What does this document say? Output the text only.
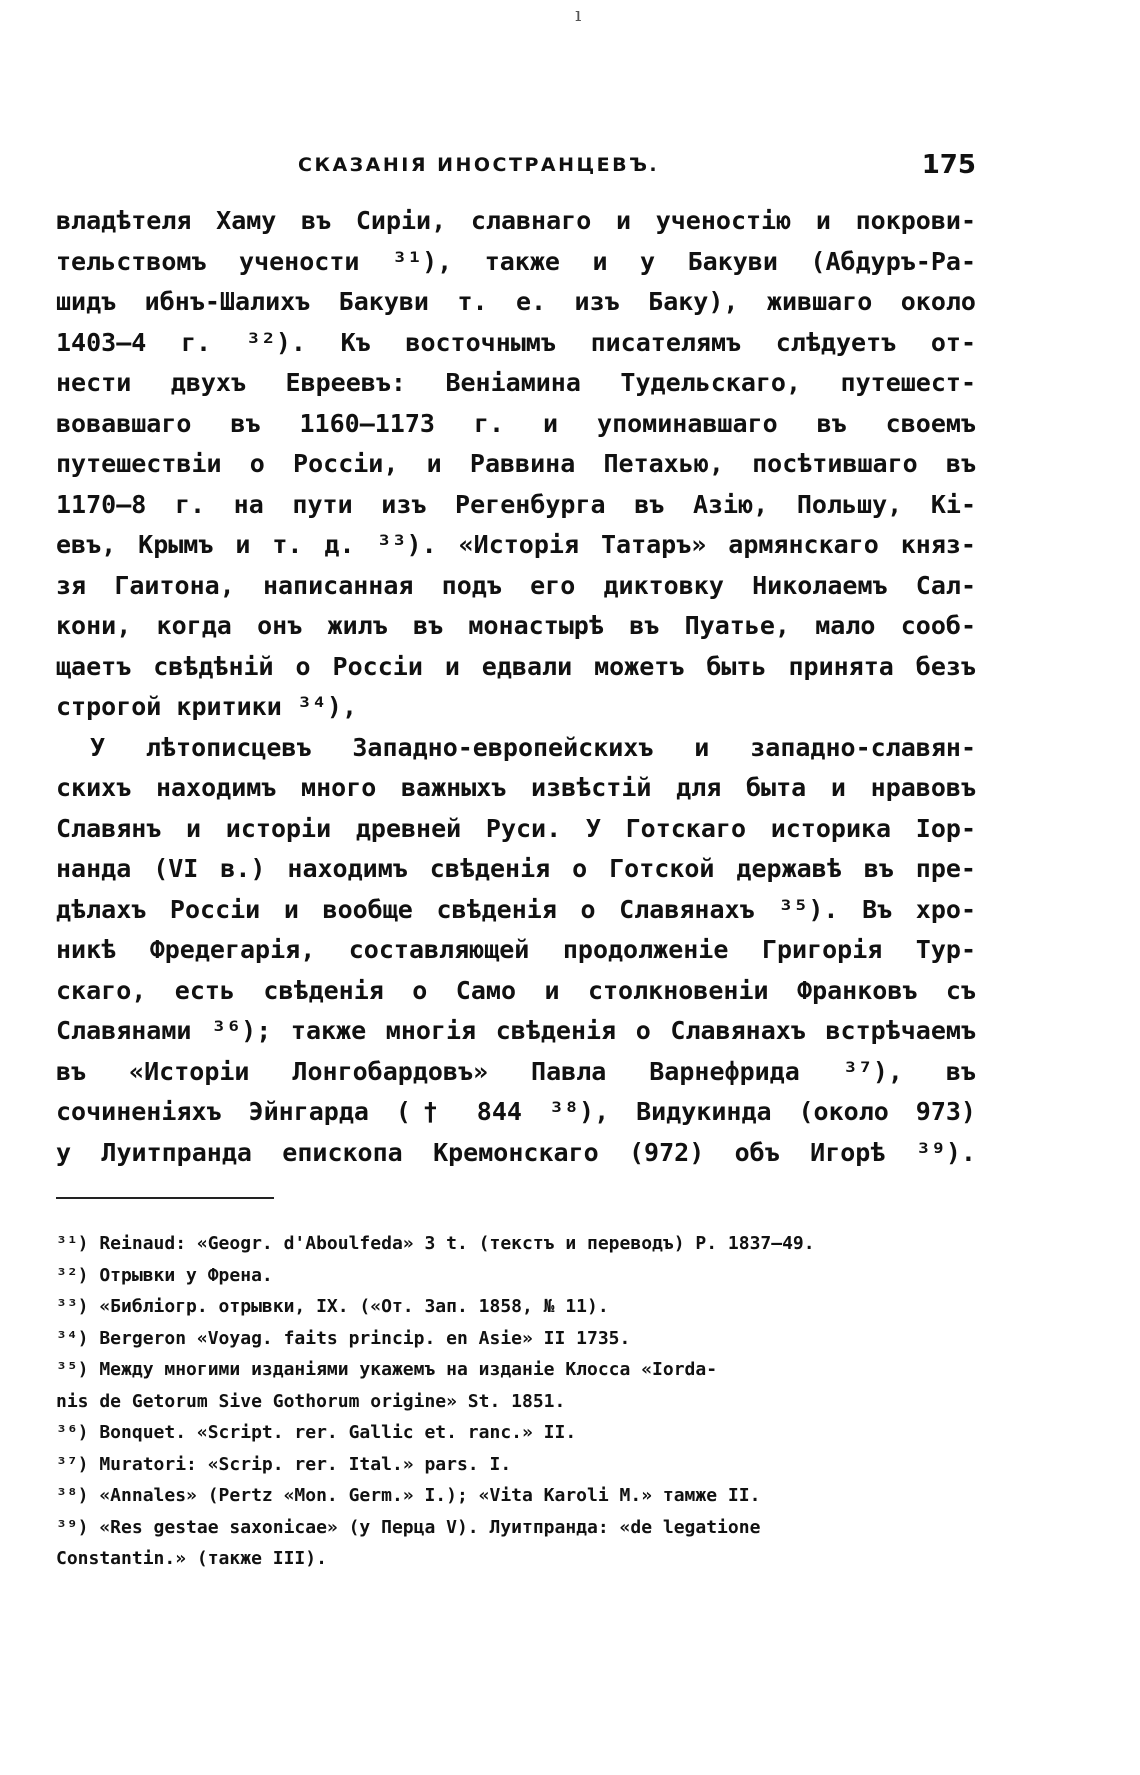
ı
СКАЗАНІЯ ИНОСТРАНЦЕВЪ.	175
владѣтеля Хаму въ Сиріи, славнаго и ученостію и покрови-
тельствомъ учености ³¹), также и у Бакуви (Абдуръ-Ра-
шидъ ибнъ-Шалихъ Бакуви т. е. изъ Баку), жившаго около
1403—4 г. ³²). Къ восточнымъ писателямъ слѣдуетъ от-
нести двухъ Евреевъ: Веніамина Тудельскаго, путешест-
вовавшаго въ 1160—1173 г. и упоминавшаго въ своемъ
путешествіи о Россіи, и Раввина Петахью, посѣтившаго въ
1170—8 г. на пути изъ Регенбурга въ Азію, Польшу, Кі-
евъ, Крымъ и т. д. ³³). «Исторія Татаръ» армянскаго княз-
зя Гаитона, написанная подъ его диктовку Николаемъ Сал-
кони, когда онъ жилъ въ монастырѣ въ Пуатье, мало сооб-
щаетъ свѣдѣній о Россіи и едвали можетъ быть принята безъ
строгой критики ³⁴),
У лѣтописцевъ Западно-европейскихъ и западно-славян-
скихъ находимъ много важныхъ извѣстій для быта и нравовъ
Славянъ и исторіи древней Руси. У Готскаго историка Іор-
нанда (VI в.) находимъ свѣденія о Готской державѣ въ пре-
дѣлахъ Россіи и вообще свѣденія о Славянахъ ³⁵). Въ хро-
никѣ Фредегарія, составляющей продолженіе Григорія Тур-
скаго, есть свѣденія о Само и столкновеніи Франковъ съ
Славянами ³⁶); также многія свѣденія о Славянахъ встрѣчаемъ
въ «Исторіи Лонгобардовъ» Павла Варнефрида ³⁷), въ
сочиненіяхъ Эйнгарда († 844 ³⁸), Видукинда (около 973)
у Луитпранда епископа Кремонскаго (972) объ Игорѣ ³⁹).
³¹) Reinaud: «Geogr. d'Aboulfeda» 3 t. (текстъ и переводъ) P. 1837—49.
³²) Отрывки у Френа.
³³) «Библіогр. отрывки, IX. («От. Зап. 1858, № 11).
³⁴) Bergeron «Voyag. faits princip. en Asie» II 1735.
³⁵) Между многими изданіями укажемъ на изданіе Клосса «Iorda-
nis de Getorum Sive Gothorum origine» St. 1851.
³⁶) Bonquet. «Script. rer. Gallic et. ranc.» II.
³⁷) Muratori: «Scrip. rer. Ital.» pars. I.
³⁸) «Annales» (Pertz «Mon. Germ.» I.); «Vita Karoli M.» тамже II.
³⁹) «Res gestae saxonicae» (у Перца V). Луитпранда: «de legatione
Constantin.» (также III).
